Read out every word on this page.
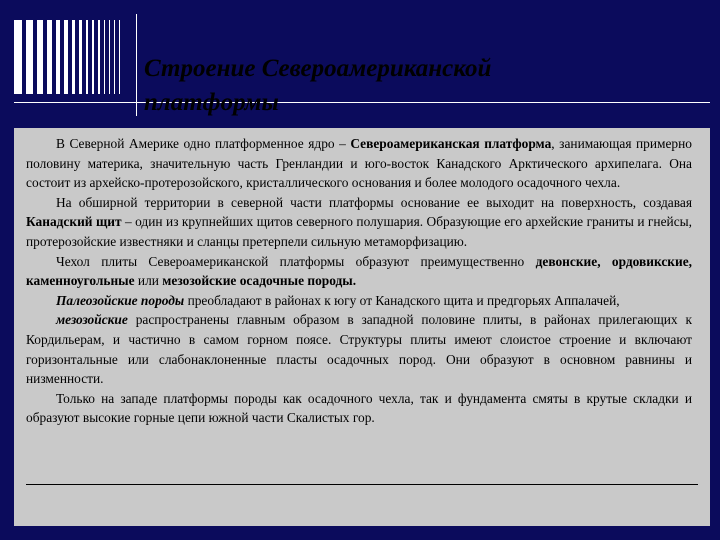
Строение Североамериканской
платформы

В Северной Америке одно платформенное ядро – Североамериканская платформа, занимающая примерно половину материка, значительную часть Гренландии и юго-восток Канадского Арктического архипелага. Она состоит из архейско-протерозойского, кристаллического основания и более молодого осадочного чехла.

На обширной территории в северной части платформы основание ее выходит на поверхность, создавая Канадский щит – один из крупнейших щитов северного полушария. Образующие его архейские граниты и гнейсы, протерозойские известняки и сланцы претерпели сильную метаморфизацию.

Чехол плиты Североамериканской платформы образуют преимущественно девонские, ордовикские, каменноугольные или мезозойские осадочные породы.

Палеозойские породы преобладают в районах к югу от Канадского щита и предгорьях Аппалачей,

мезозойские распространены главным образом в западной половине плиты, в районах прилегающих к Кордильерам, и частично в самом горном поясе. Структуры плиты имеют слоистое строение и включают горизонтальные или слабонаклоненные пласты осадочных пород. Они образуют в основном равнины и низменности.

Только на западе платформы породы как осадочного чехла, так и фундамента смяты в крутые складки и образуют высокие горные цепи южной части Скалистых гор.
